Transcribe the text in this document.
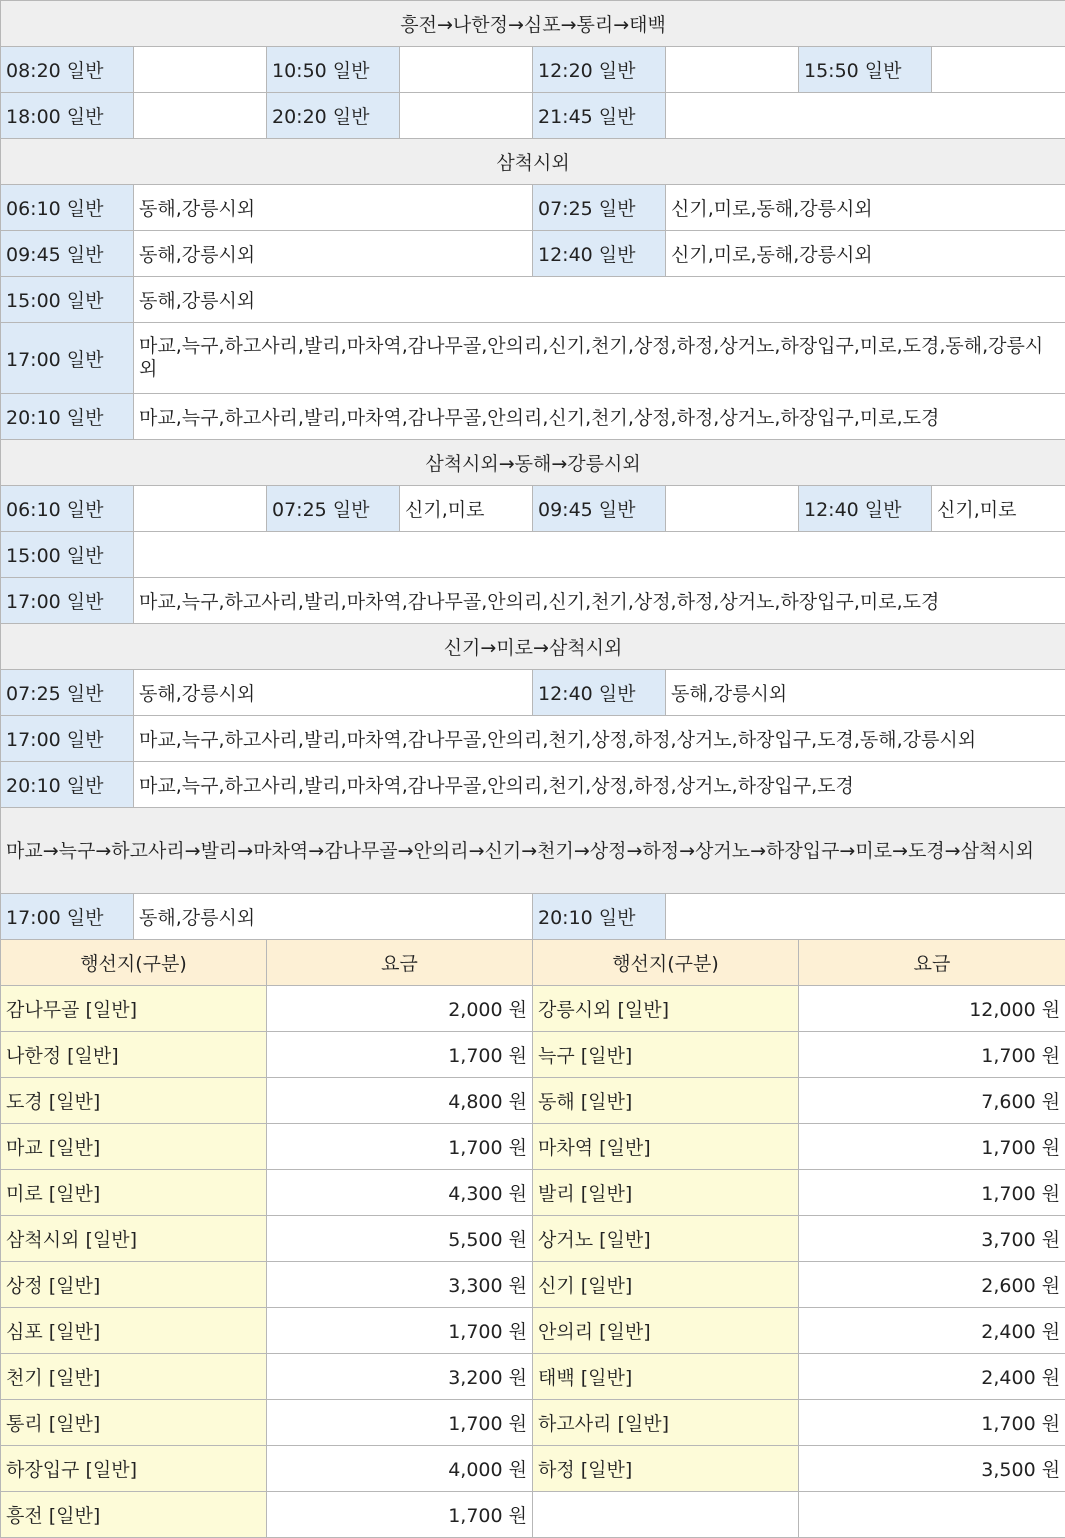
흥전→나한정→심포→통리→태백							
08:20 일반		10:50 일반		12:20 일반		15:50 일반	
18:00 일반		20:20 일반		21:45 일반			
삼척시외							
06:10 일반	동해,강릉시외			07:25 일반	신기,미로,동해,강릉시외		
09:45 일반	동해,강릉시외			12:40 일반	신기,미로,동해,강릉시외		
15:00 일반	동해,강릉시외						
17:00 일반	마교,늑구,하고사리,발리,마차역,감나무골,안의리,신기,천기,상정,하정,상거노,하장입구,미로,도경,동해,강릉시외						
20:10 일반	마교,늑구,하고사리,발리,마차역,감나무골,안의리,신기,천기,상정,하정,상거노,하장입구,미로,도경						
삼척시외→동해→강릉시외							
06:10 일반		07:25 일반	신기,미로	09:45 일반		12:40 일반	신기,미로
15:00 일반							
17:00 일반	마교,늑구,하고사리,발리,마차역,감나무골,안의리,신기,천기,상정,하정,상거노,하장입구,미로,도경						
신기→미로→삼척시외							
07:25 일반	동해,강릉시외			12:40 일반	동해,강릉시외		
17:00 일반	마교,늑구,하고사리,발리,마차역,감나무골,안의리,천기,상정,하정,상거노,하장입구,도경,동해,강릉시외						
20:10 일반	마교,늑구,하고사리,발리,마차역,감나무골,안의리,천기,상정,하정,상거노,하장입구,도경						
마교→늑구→하고사리→발리→마차역→감나무골→안의리→신기→천기→상정→하정→상거노→하장입구→미로→도경→삼척시외							
17:00 일반	동해,강릉시외			20:10 일반			
행선지(구분)		요금		행선지(구분)		요금	
감나무골 [일반]		2,000 원		강릉시외 [일반]		12,000 원	
나한정 [일반]		1,700 원		늑구 [일반]		1,700 원	
도경 [일반]		4,800 원		동해 [일반]		7,600 원	
마교 [일반]		1,700 원		마차역 [일반]		1,700 원	
미로 [일반]		4,300 원		발리 [일반]		1,700 원	
삼척시외 [일반]		5,500 원		상거노 [일반]		3,700 원	
상정 [일반]		3,300 원		신기 [일반]		2,600 원	
심포 [일반]		1,700 원		안의리 [일반]		2,400 원	
천기 [일반]		3,200 원		태백 [일반]		2,400 원	
통리 [일반]		1,700 원		하고사리 [일반]		1,700 원	
하장입구 [일반]		4,000 원		하정 [일반]		3,500 원	
흥전 [일반]		1,700 원					
